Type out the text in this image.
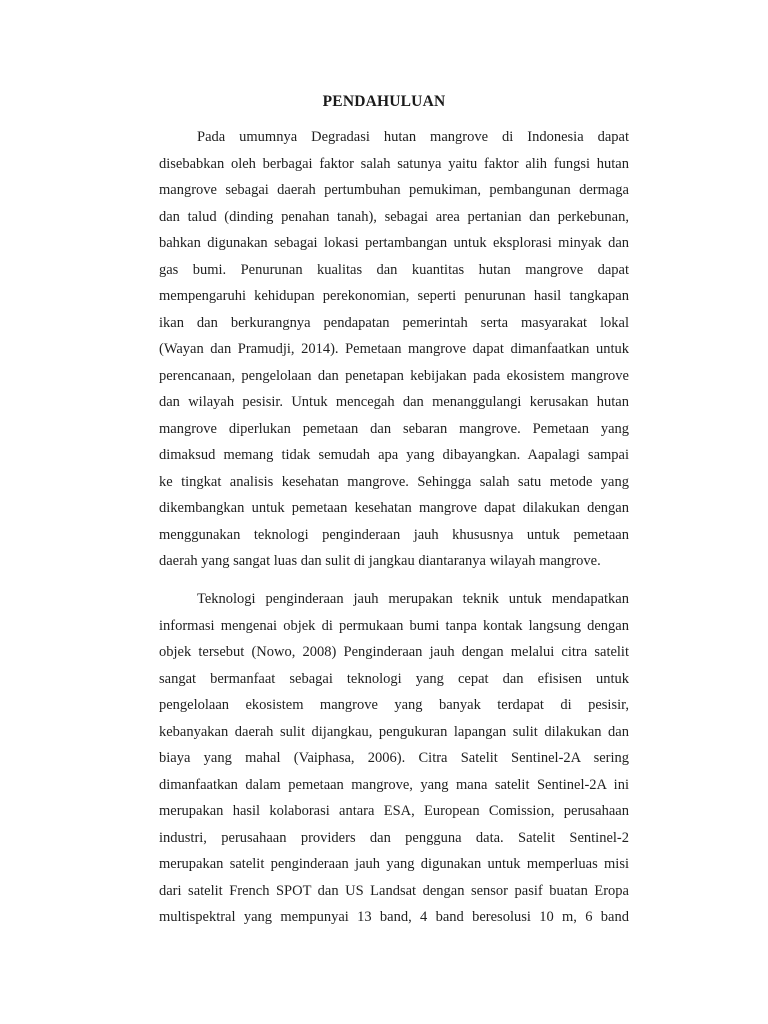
PENDAHULUAN
Pada umumnya Degradasi hutan mangrove di Indonesia dapat
disebabkan oleh berbagai faktor salah satunya yaitu faktor alih fungsi hutan
mangrove sebagai daerah pertumbuhan pemukiman, pembangunan dermaga
dan talud (dinding penahan tanah), sebagai area pertanian dan perkebunan,
bahkan digunakan sebagai lokasi pertambangan untuk eksplorasi minyak dan
gas bumi. Penurunan kualitas dan kuantitas hutan mangrove dapat
mempengaruhi kehidupan perekonomian, seperti penurunan hasil tangkapan
ikan dan berkurangnya pendapatan pemerintah serta masyarakat lokal
(Wayan dan Pramudji, 2014). Pemetaan mangrove dapat dimanfaatkan untuk
perencanaan, pengelolaan dan penetapan kebijakan pada ekosistem mangrove
dan wilayah pesisir. Untuk mencegah dan menanggulangi kerusakan hutan
mangrove diperlukan pemetaan dan sebaran mangrove. Pemetaan yang
dimaksud memang tidak semudah apa yang dibayangkan. Aapalagi sampai
ke tingkat analisis kesehatan mangrove. Sehingga salah satu metode yang
dikembangkan untuk pemetaan kesehatan mangrove dapat dilakukan dengan
menggunakan teknologi penginderaan jauh khususnya untuk pemetaan
daerah yang sangat luas dan sulit di jangkau diantaranya wilayah mangrove.
Teknologi penginderaan jauh merupakan teknik untuk mendapatkan
informasi mengenai objek di permukaan bumi tanpa kontak langsung dengan
objek tersebut (Nowo, 2008) Penginderaan jauh dengan melalui citra satelit
sangat bermanfaat sebagai teknologi yang cepat dan efisisen untuk
pengelolaan ekosistem mangrove yang banyak terdapat di pesisir,
kebanyakan daerah sulit dijangkau, pengukuran lapangan sulit dilakukan dan
biaya yang mahal (Vaiphasa, 2006). Citra Satelit Sentinel-2A sering
dimanfaatkan dalam pemetaan mangrove, yang mana satelit Sentinel-2A ini
merupakan hasil kolaborasi antara ESA, European Comission, perusahaan
industri, perusahaan providers dan pengguna data. Satelit Sentinel-2
merupakan satelit penginderaan jauh yang digunakan untuk memperluas misi
dari satelit French SPOT dan US Landsat dengan sensor pasif buatan Eropa
multispektral yang mempunyai 13 band, 4 band beresolusi 10 m, 6 band
